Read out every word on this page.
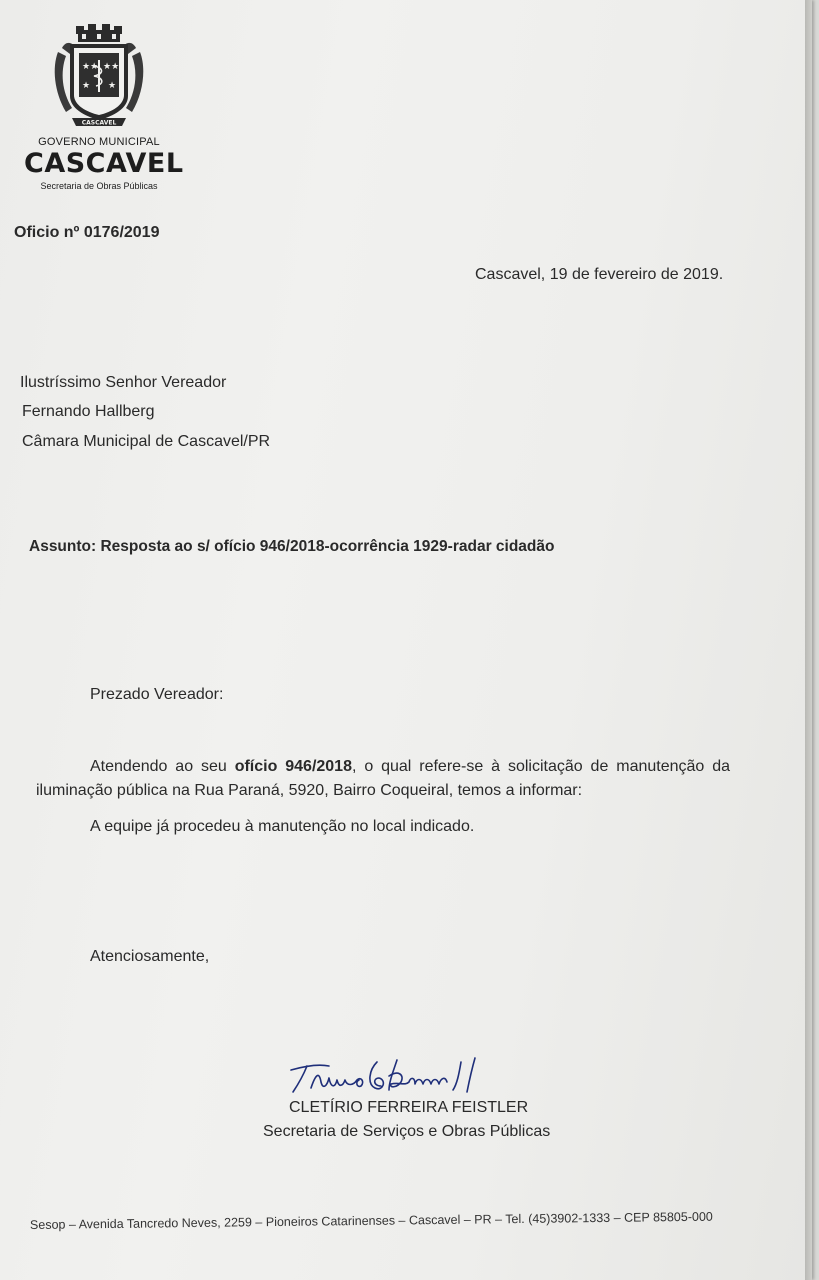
★★ ★★
★ ★
CASCAVEL
GOVERNO MUNICIPAL
CASCAVEL
Secretaria de Obras Públicas
Oficio nº 0176/2019
Cascavel, 19 de fevereiro de 2019.
Ilustríssimo Senhor Vereador
Fernando Hallberg
Câmara Municipal de Cascavel/PR
Assunto: Resposta ao s/ ofício 946/2018-ocorrência 1929-radar cidadão
Prezado Vereador:
Atendendo ao seu ofício 946/2018, o qual refere-se à solicitação de manutenção da iluminação pública na Rua Paraná, 5920, Bairro Coqueiral, temos a informar:
A equipe já procedeu à manutenção no local indicado.
Atenciosamente,
CLETÍRIO FERREIRA FEISTLER
Secretaria de Serviços e Obras Públicas
Sesop – Avenida Tancredo Neves, 2259 – Pioneiros Catarinenses – Cascavel – PR – Tel. (45)3902-1333 – CEP 85805-000
